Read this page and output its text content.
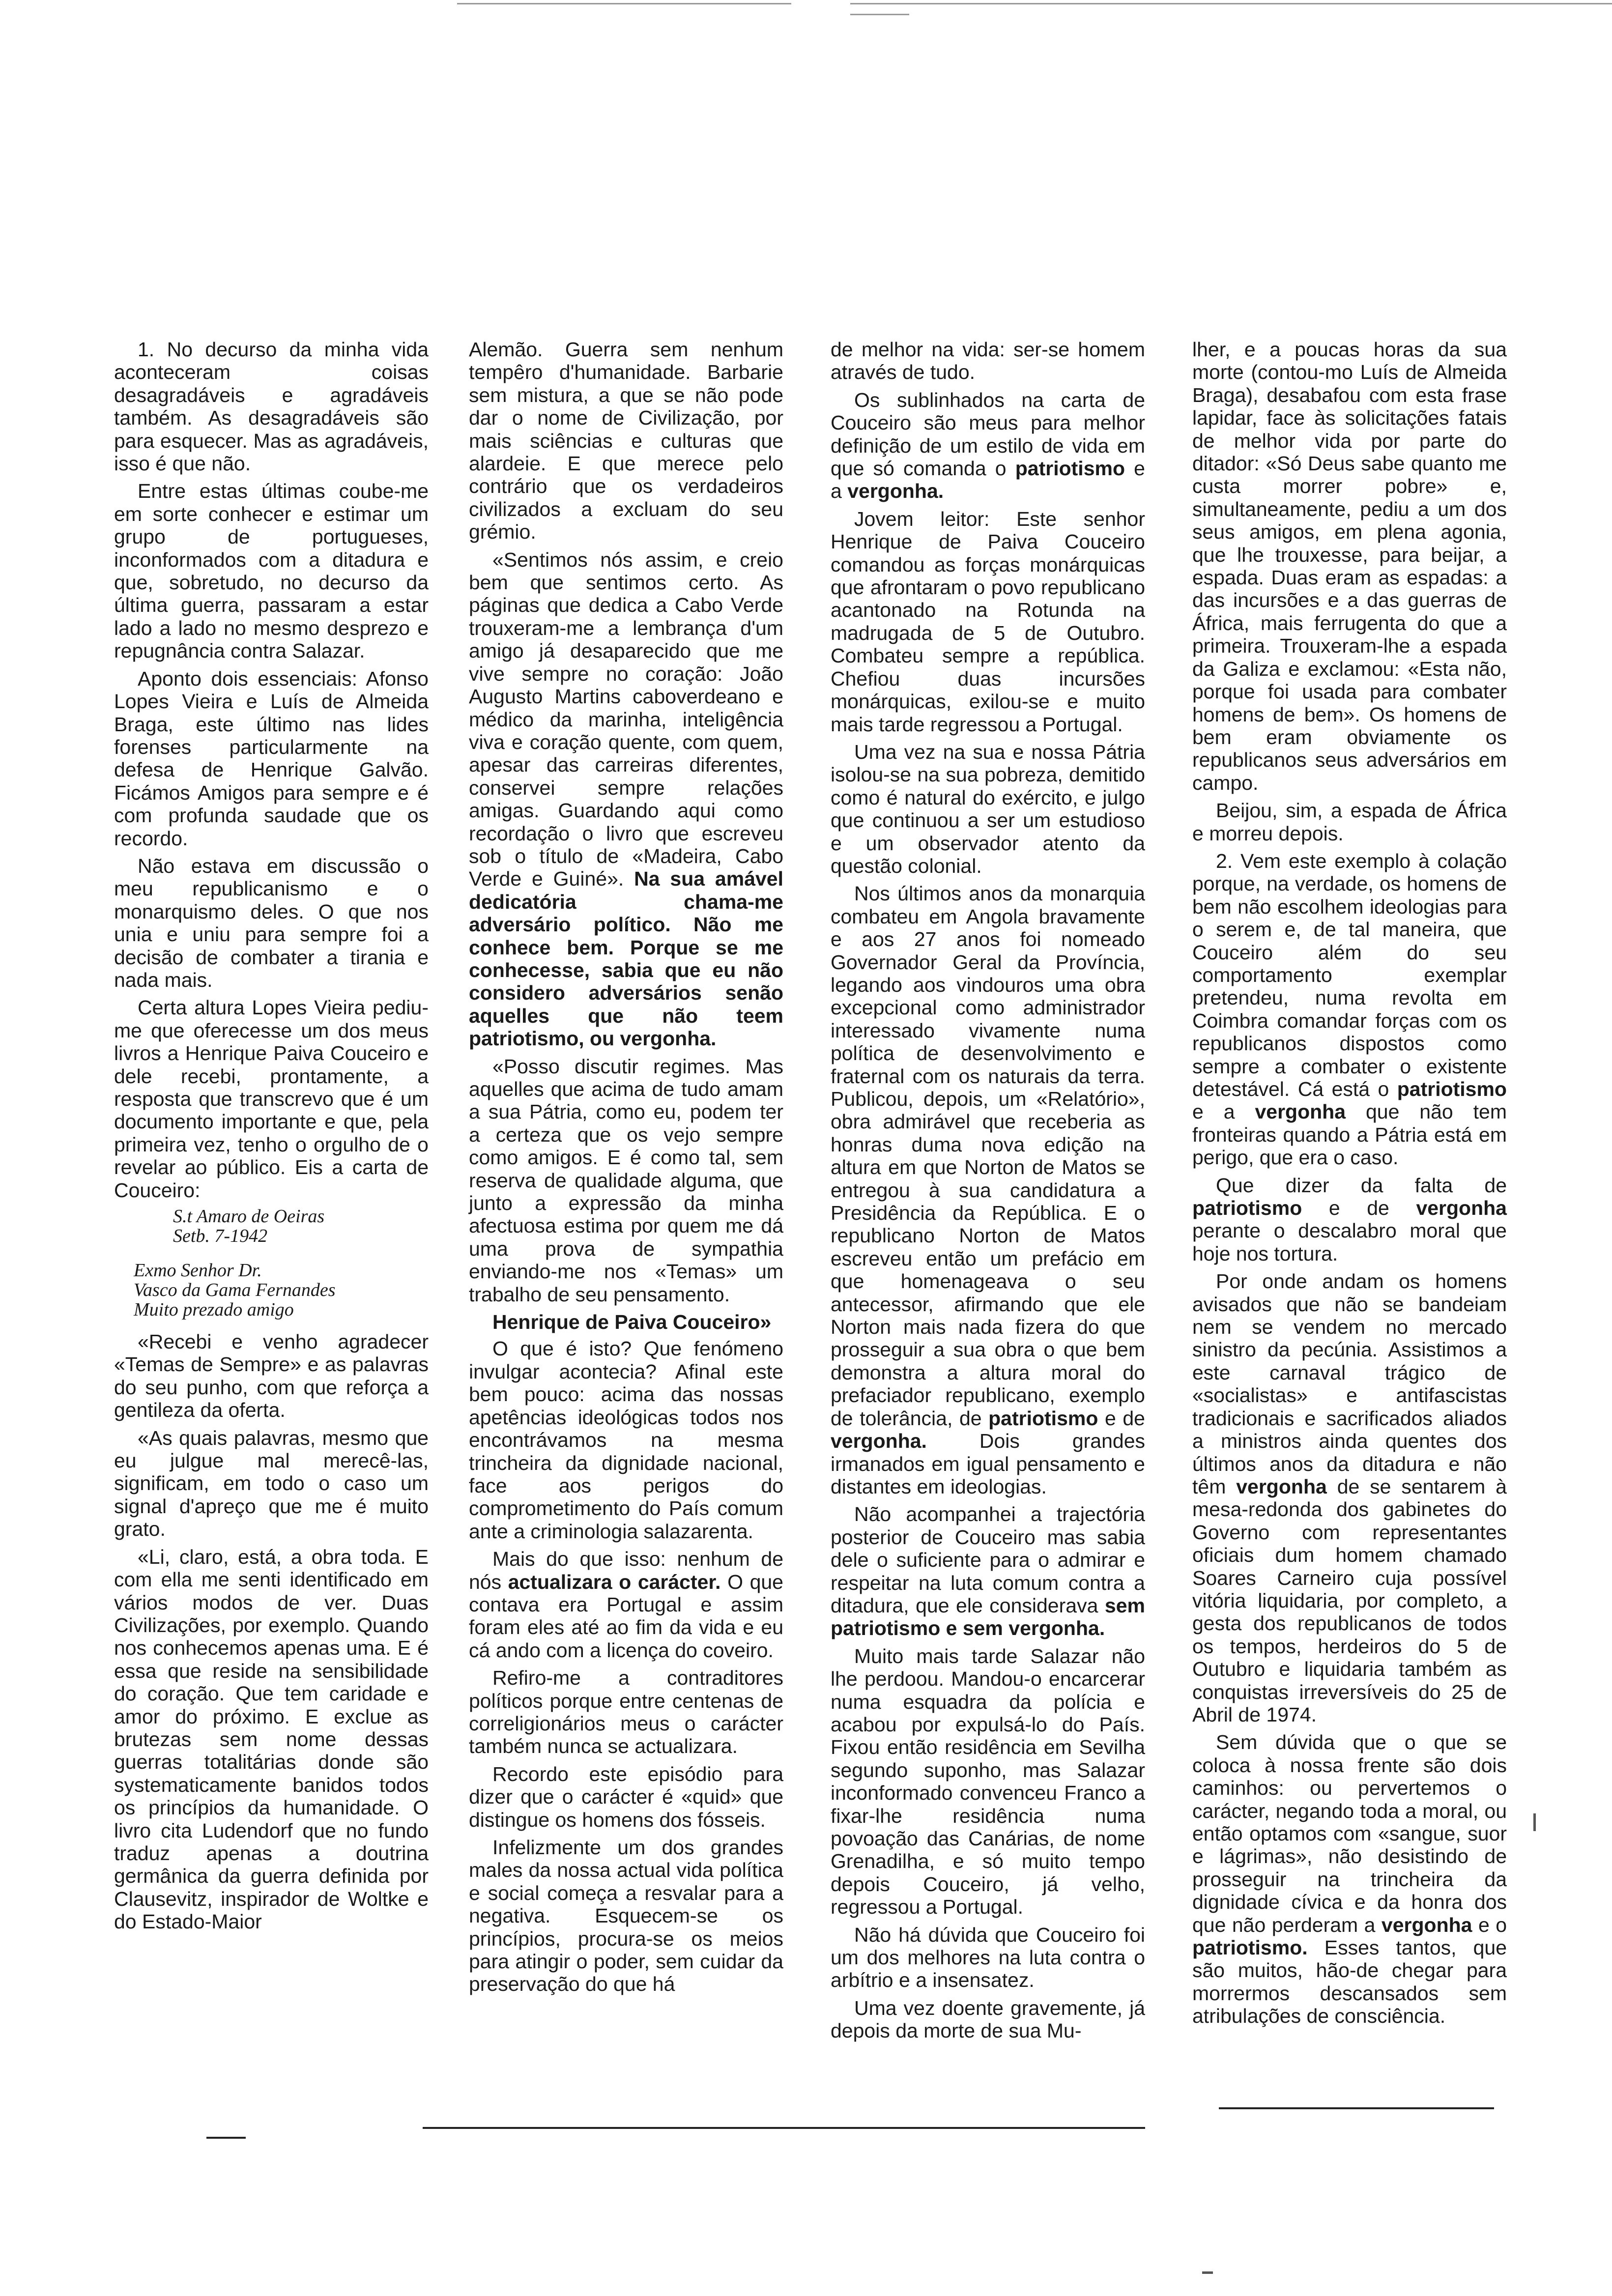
1. No decurso da minha vida aconteceram coisas desagradáveis e agradáveis também. As desagradáveis são para esquecer. Mas as agradáveis, isso é que não.

Entre estas últimas coube-me em sorte conhecer e estimar um grupo de portugueses, inconformados com a ditadura e que, sobretudo, no decurso da última guerra, passaram a estar lado a lado no mesmo desprezo e repugnância contra Salazar.

Aponto dois essenciais: Afonso Lopes Vieira e Luís de Almeida Braga, este último nas lides forenses particularmente na defesa de Henrique Galvão. Ficámos Amigos para sempre e é com profunda saudade que os recordo.

Não estava em discussão o meu republicanismo e o monarquismo deles. O que nos unia e uniu para sempre foi a decisão de combater a tirania e nada mais.

Certa altura Lopes Vieira pediu-me que oferecesse um dos meus livros a Henrique Paiva Couceiro e dele recebi, prontamente, a resposta que transcrevo que é um documento importante e que, pela primeira vez, tenho o orgulho de o revelar ao público. Eis a carta de Couceiro:

S.t Amaro de Oeiras

Setb. 7-1942

Exmo Senhor Dr.

Vasco da Gama Fernandes

Muito prezado amigo

«Recebi e venho agradecer «Temas de Sempre» e as palavras do seu punho, com que reforça a gentileza da oferta.

«As quais palavras, mesmo que eu julgue mal merecê-las, significam, em todo o caso um signal d'apreço que me é muito grato.

«Li, claro, está, a obra toda. E com ella me senti identificado em vários modos de ver. Duas Civilizações, por exemplo. Quando nos conhecemos apenas uma. E é essa que reside na sensibilidade do coração. Que tem caridade e amor do próximo. E exclue as brutezas sem nome dessas guerras totalitárias donde são systematicamente banidos todos os princípios da humanidade. O livro cita Ludendorf que no fundo traduz apenas a doutrina germânica da guerra definida por Clausevitz, inspirador de Woltke e do Estado-Maior

Alemão. Guerra sem nenhum tempêro d'humanidade. Barbarie sem mistura, a que se não pode dar o nome de Civilização, por mais sciências e culturas que alardeie. E que merece pelo contrário que os verdadeiros civilizados a excluam do seu grémio.

«Sentimos nós assim, e creio bem que sentimos certo. As páginas que dedica a Cabo Verde trouxeram-me a lembrança d'um amigo já desaparecido que me vive sempre no coração: João Augusto Martins caboverdeano e médico da marinha, inteligência viva e coração quente, com quem, apesar das carreiras diferentes, conservei sempre relações amigas. Guardando aqui como recordação o livro que escreveu sob o título de «Madeira, Cabo Verde e Guiné». Na sua amável dedicatória chama-me adversário político. Não me conhece bem. Porque se me conhecesse, sabia que eu não considero adversários senão aquelles que não teem patriotismo, ou vergonha.

«Posso discutir regimes. Mas aquelles que acima de tudo amam a sua Pátria, como eu, podem ter a certeza que os vejo sempre como amigos. E é como tal, sem reserva de qualidade alguma, que junto a expressão da minha afectuosa estima por quem me dá uma prova de sympathia enviando-me nos «Temas» um trabalho de seu pensamento.

Henrique de Paiva Couceiro»

O que é isto? Que fenómeno invulgar acontecia? Afinal este bem pouco: acima das nossas apetências ideológicas todos nos encontrávamos na mesma trincheira da dignidade nacional, face aos perigos do comprometimento do País comum ante a criminologia salazarenta.

Mais do que isso: nenhum de nós actualizara o carácter. O que contava era Portugal e assim foram eles até ao fim da vida e eu cá ando com a licença do coveiro.

Refiro-me a contraditores políticos porque entre centenas de correligionários meus o carácter também nunca se actualizara.

Recordo este episódio para dizer que o carácter é «quid» que distingue os homens dos fósseis.

Infelizmente um dos grandes males da nossa actual vida política e social começa a resvalar para a negativa. Esquecem-se os princípios, procura-se os meios para atingir o poder, sem cuidar da preservação do que há

de melhor na vida: ser-se homem através de tudo.

Os sublinhados na carta de Couceiro são meus para melhor definição de um estilo de vida em que só comanda o patriotismo e a vergonha.

Jovem leitor: Este senhor Henrique de Paiva Couceiro comandou as forças monárquicas que afrontaram o povo republicano acantonado na Rotunda na madrugada de 5 de Outubro. Combateu sempre a república. Chefiou duas incursões monárquicas, exilou-se e muito mais tarde regressou a Portugal.

Uma vez na sua e nossa Pátria isolou-se na sua pobreza, demitido como é natural do exército, e julgo que continuou a ser um estudioso e um observador atento da questão colonial.

Nos últimos anos da monarquia combateu em Angola bravamente e aos 27 anos foi nomeado Governador Geral da Província, legando aos vindouros uma obra excepcional como administrador interessado vivamente numa política de desenvolvimento e fraternal com os naturais da terra. Publicou, depois, um «Relatório», obra admirável que receberia as honras duma nova edição na altura em que Norton de Matos se entregou à sua candidatura a Presidência da República. E o republicano Norton de Matos escreveu então um prefácio em que homenageava o seu antecessor, afirmando que ele Norton mais nada fizera do que prosseguir a sua obra o que bem demonstra a altura moral do prefaciador republicano, exemplo de tolerância, de patriotismo e de vergonha.	Dois grandes irmanados em igual pensamento e distantes em ideologias.

Não acompanhei a trajectória posterior de Couceiro mas sabia dele o suficiente para o admirar e respeitar na luta comum contra a ditadura, que ele considerava sem patriotismo e sem vergonha.

Muito mais tarde Salazar não lhe perdoou. Mandou-o encarcerar numa esquadra da polícia e acabou por expulsá-lo do País. Fixou então residência em Sevilha segundo suponho, mas Salazar inconformado convenceu Franco a fixar-lhe residência numa povoação das Canárias, de nome Grenadilha, e só muito tempo depois Couceiro, já velho, regressou a Portugal.

Não há dúvida que Couceiro foi um dos melhores na luta contra o arbítrio e a insensatez.

Uma vez doente gravemente, já depois da morte de sua Mu-

lher, e a poucas horas da sua morte (contou-mo Luís de Almeida Braga), desabafou com esta frase lapidar, face às solicitações fatais de melhor vida por parte do ditador: «Só Deus sabe quanto me custa morrer pobre» e, simultaneamente, pediu a um dos seus amigos, em plena agonia, que lhe trouxesse, para beijar, a espada. Duas eram as espadas: a das incursões e a das guerras de África, mais ferrugenta do que a primeira. Trouxeram-lhe a espada da Galiza e exclamou: «Esta não, porque foi usada para combater homens de bem». Os homens de bem eram obviamente os republicanos seus adversários em campo.

Beijou, sim, a espada de África e morreu depois.

2. Vem este exemplo à colação porque, na verdade, os homens de bem não escolhem ideologias para o serem e, de tal maneira, que Couceiro além do seu comportamento exemplar pretendeu, numa revolta em Coimbra comandar forças com os republicanos dispostos como sempre a combater o existente detestável. Cá está o patriotismo e a vergonha que não tem fronteiras quando a Pátria está em perigo, que era o caso.

Que dizer da falta de patriotismo e de vergonha perante o descalabro moral que hoje nos tortura.

Por onde andam os homens avisados que não se bandeiam nem se vendem no mercado sinistro da pecúnia. Assistimos a este carnaval trágico de «socialistas» e antifascistas tradicionais e sacrificados aliados a ministros ainda quentes dos últimos anos da ditadura e não têm vergonha de se sentarem à mesa-redonda dos gabinetes do Governo com representantes oficiais dum homem chamado Soares Carneiro cuja possível vitória liquidaria, por completo, a gesta dos republicanos de todos os tempos, herdeiros do 5 de Outubro e liquidaria também as conquistas irreversíveis do 25 de Abril de 1974.

Sem dúvida que o que se coloca à nossa frente são dois caminhos: ou pervertemos o carácter, negando toda a moral, ou então optamos com «sangue, suor e lágrimas», não desistindo de prosseguir na trincheira da dignidade cívica e da honra dos que não perderam a vergonha e o patriotismo. Esses tantos, que são muitos, hão-de chegar para morrermos descansados sem atribulações de consciência.
